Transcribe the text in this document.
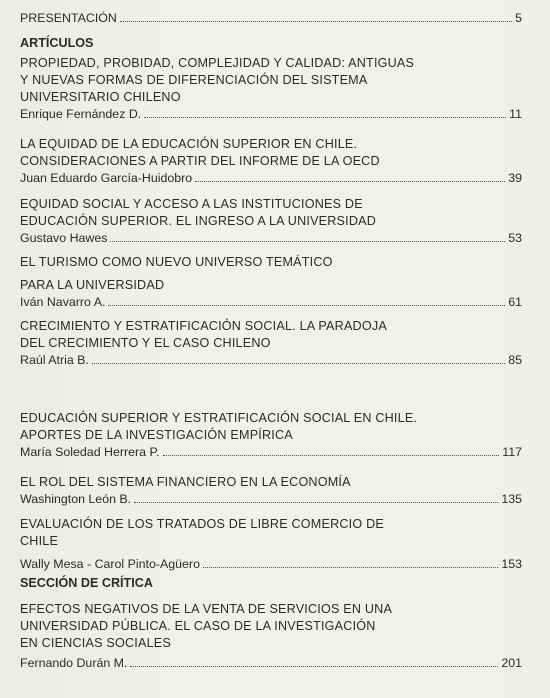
PRESENTACIÓN	5
ARTÍCULOS
PROPIEDAD, PROBIDAD, COMPLEJIDAD Y CALIDAD: ANTIGUAS
Y NUEVAS FORMAS DE DIFERENCIACIÓN DEL SISTEMA
UNIVERSITARIO CHILENO
Enrique Fernández D.	11
LA EQUIDAD DE LA EDUCACIÓN SUPERIOR EN CHILE.
CONSIDERACIONES A PARTIR DEL INFORME DE LA OECD
Juan Eduardo García-Huidobro	39
EQUIDAD SOCIAL Y ACCESO A LAS INSTITUCIONES DE
EDUCACIÓN SUPERIOR. EL INGRESO A LA UNIVERSIDAD
Gustavo Hawes	53
EL TURISMO COMO NUEVO UNIVERSO TEMÁTICO
PARA LA UNIVERSIDAD
Iván Navarro A.	61
CRECIMIENTO Y ESTRATIFICACIÓN SOCIAL. LA PARADOJA
DEL CRECIMIENTO Y EL CASO CHILENO
Raúl Atria B.	85
EDUCACIÓN SUPERIOR Y ESTRATIFICACIÓN SOCIAL EN CHILE.
APORTES DE LA INVESTIGACIÓN EMPÍRICA
María Soledad Herrera P.	117
EL ROL DEL SISTEMA FINANCIERO EN LA ECONOMÍA
Washington León B.	135
EVALUACIÓN DE LOS TRATADOS DE LIBRE COMERCIO DE
CHILE
Wally Mesa - Carol Pinto-Agüero	153
SECCIÓN DE CRÍTICA
EFECTOS NEGATIVOS DE LA VENTA DE SERVICIOS EN UNA
UNIVERSIDAD PÚBLICA. EL CASO DE LA INVESTIGACIÓN
EN CIENCIAS SOCIALES
Fernando Durán M.	201
